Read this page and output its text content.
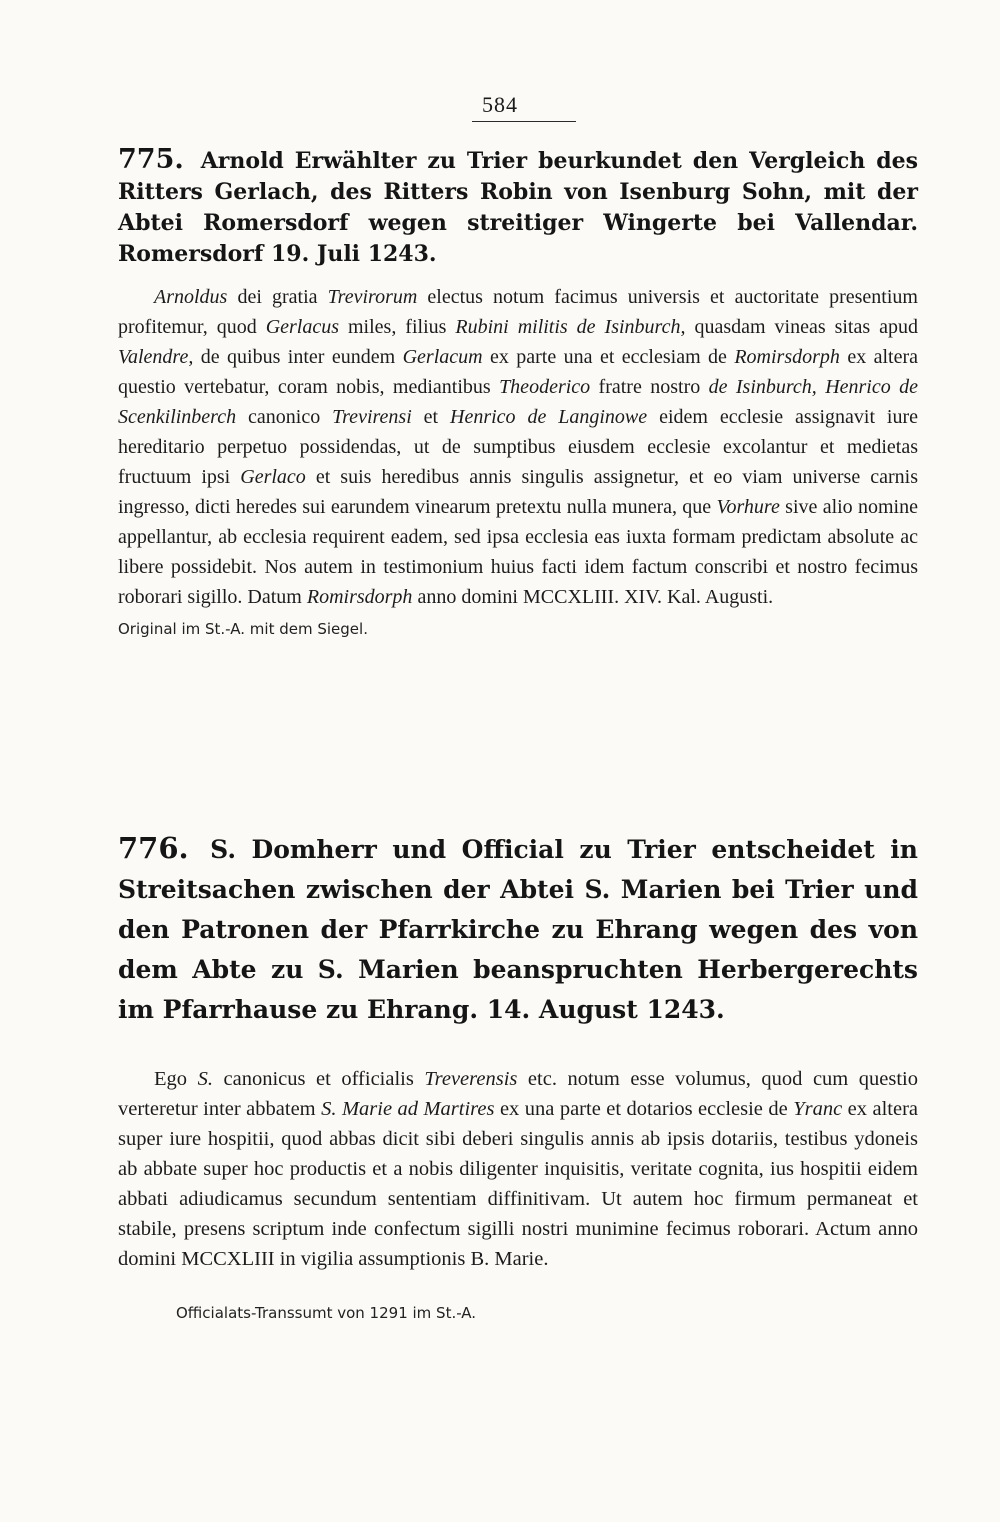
584
775. Arnold Erwählter zu Trier beurkundet den Vergleich des Ritters Gerlach, des Ritters Robin von Isenburg Sohn, mit der Abtei Romersdorf wegen streitiger Wingerte bei Vallendar. Romersdorf 19. Juli 1243.
Arnoldus dei gratia Trevirorum electus notum facimus universis et auctoritate presentium profitemur, quod Gerlacus miles, filius Rubini militis de Isinburch, quasdam vineas sitas apud Valendre, de quibus inter eundem Gerlacum ex parte una et ecclesiam de Romirsdorph ex altera questio vertebatur, coram nobis, mediantibus Theoderico fratre nostro de Isinburch, Henrico de Scenkilinberch canonico Trevirensi et Henrico de Langinowe eidem ecclesie assignavit iure hereditario perpetuo possidendas, ut de sumptibus eiusdem ecclesie excolantur et medietas fructuum ipsi Gerlaco et suis heredibus annis singulis assignetur, et eo viam universe carnis ingresso, dicti heredes sui earundem vinearum pretextu nulla munera, que Vorhure sive alio nomine appellantur, ab ecclesia requirent eadem, sed ipsa ecclesia eas iuxta formam predictam absolute ac libere possidebit. Nos autem in testimonium huius facti idem factum conscribi et nostro fecimus roborari sigillo. Datum Romirsdorph anno domini MCCXLIII. XIV. Kal. Augusti.
Original im St.-A. mit dem Siegel.
776. S. Domherr und Official zu Trier entscheidet in Streitsachen zwischen der Abtei S. Marien bei Trier und den Patronen der Pfarrkirche zu Ehrang wegen des von dem Abte zu S. Marien beanspruchten Herbergerechts im Pfarrhause zu Ehrang. 14. August 1243.
Ego S. canonicus et officialis Treverensis etc. notum esse volumus, quod cum questio verteretur inter abbatem S. Marie ad Martires ex una parte et dotarios ecclesie de Yranc ex altera super iure hospitii, quod abbas dicit sibi deberi singulis annis ab ipsis dotariis, testibus ydoneis ab abbate super hoc productis et a nobis diligenter inquisitis, veritate cognita, ius hospitii eidem abbati adiudicamus secundum sententiam diffinitivam. Ut autem hoc firmum permaneat et stabile, presens scriptum inde confectum sigilli nostri munimine fecimus roborari. Actum anno domini MCCXLIII in vigilia assumptionis B. Marie.
Officialats-Transsumt von 1291 im St.-A.
